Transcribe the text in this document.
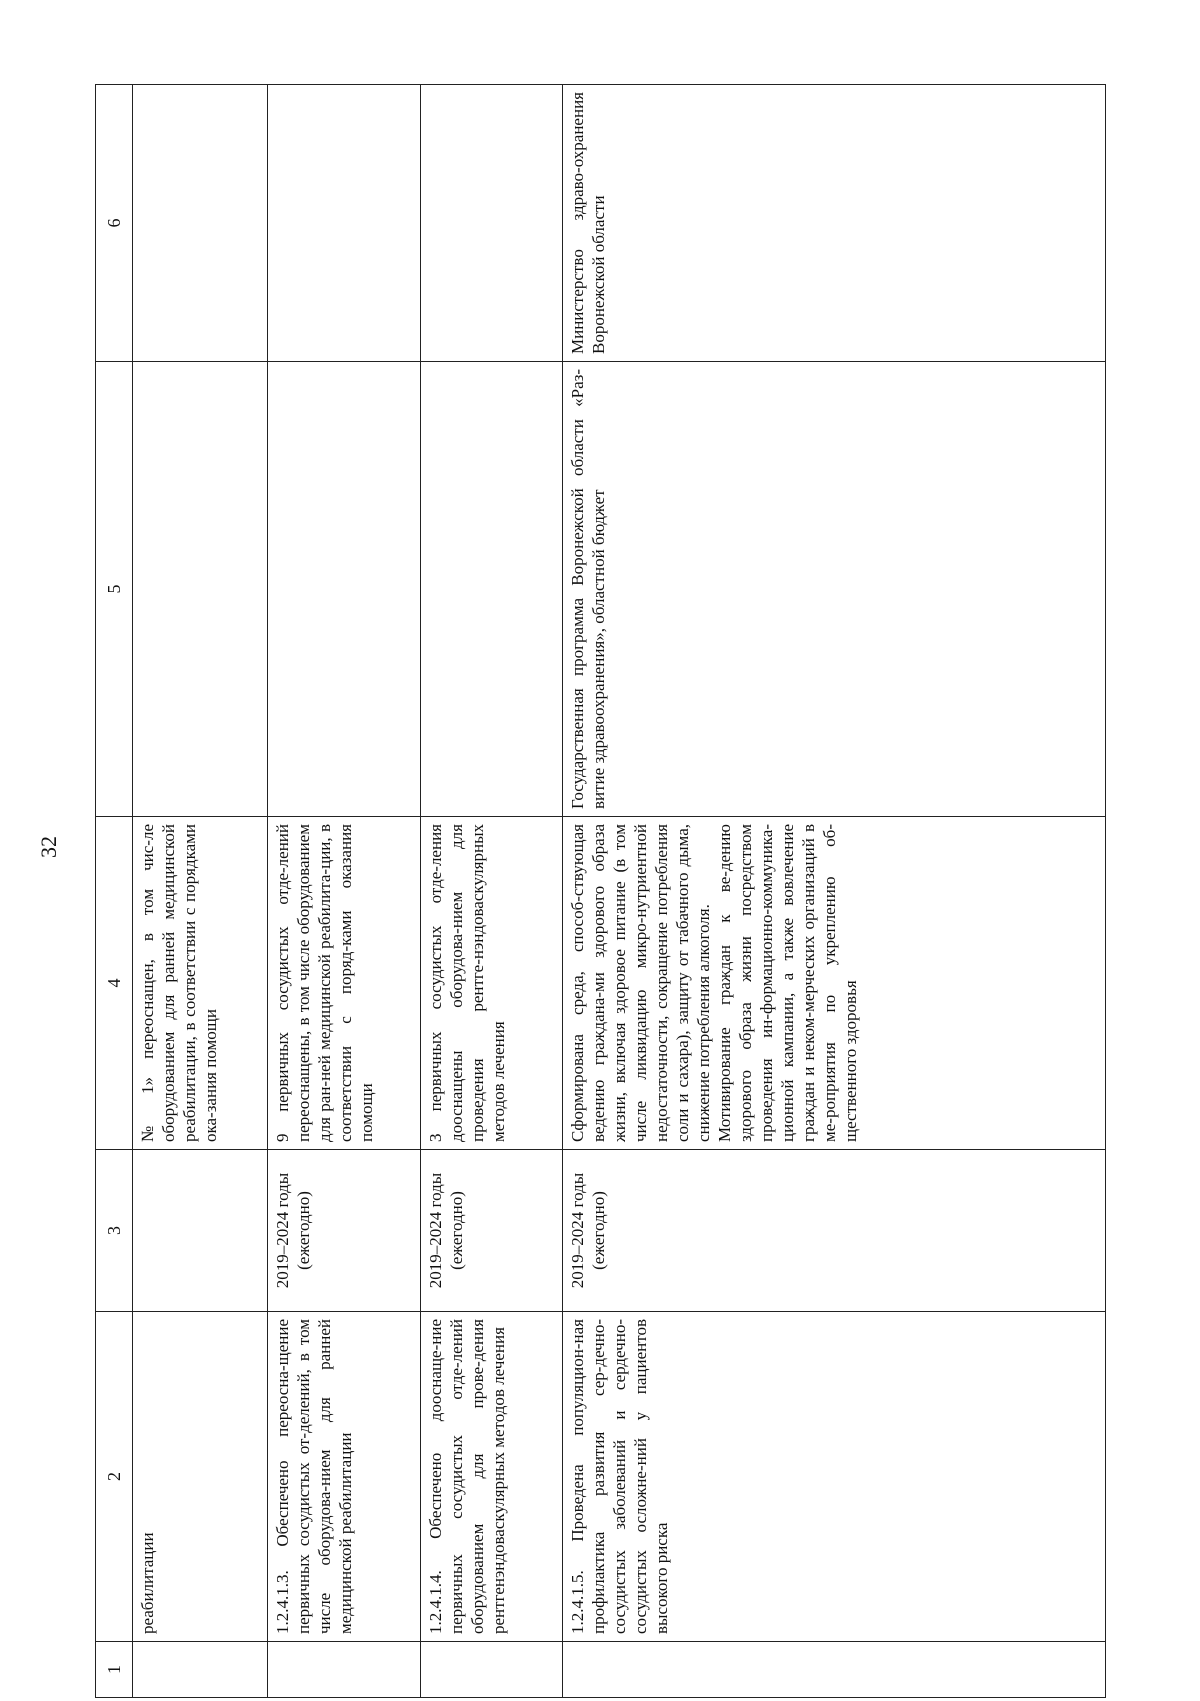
32
1	2	3	4	5	6
	реабилитации		№ 1» переоснащен, в том чис-ле оборудованием для ранней медицинской реабилитации, в соответствии с порядками ока-зания помощи		
	1.2.4.1.3. Обеспечено переосна-щение первичных сосудистых от-делений, в том числе оборудова-нием для ранней медицинской реабилитации	2019–2024 годы (ежегодно)	9 первичных сосудистых отде-лений переоснащены, в том числе оборудованием для ран-ней медицинской реабилита-ции, в соответствии с поряд-ками оказания помощи		
	1.2.4.1.4. Обеспечено дооснаще-ние первичных сосудистых отде-лений оборудованием для прове-дения рентгенэндоваскулярных методов лечения	2019–2024 годы (ежегодно)	3 первичных сосудистых отде-ления дооснащены оборудова-нием для проведения рентге-нэндоваскулярных методов лечения		
	1.2.4.1.5. Проведена популяцион-ная профилактика развития сер-дечно-сосудистых заболеваний и сердечно-сосудистых осложне-ний у пациентов высокого риска	2019–2024 годы (ежегодно)	Сформирована среда, способ-ствующая ведению граждана-ми здорового образа жизни, включая здоровое питание (в том числе ликвидацию микро-нутриентной недостаточности, сокращение потребления соли и сахара), защиту от табачного дыма, снижение потребления алкоголя.
Мотивирование граждан к ве-дению здорового образа жизни посредством проведения ин-формационно-коммуника-ционной кампании, а также вовлечение граждан и неком-мерческих организаций в ме-роприятия по укреплению об-щественного здоровья	Государственная программа Воронежской области «Раз-витие здравоохранения», областной бюджет	Министерство здраво-охранения Воронежской области
